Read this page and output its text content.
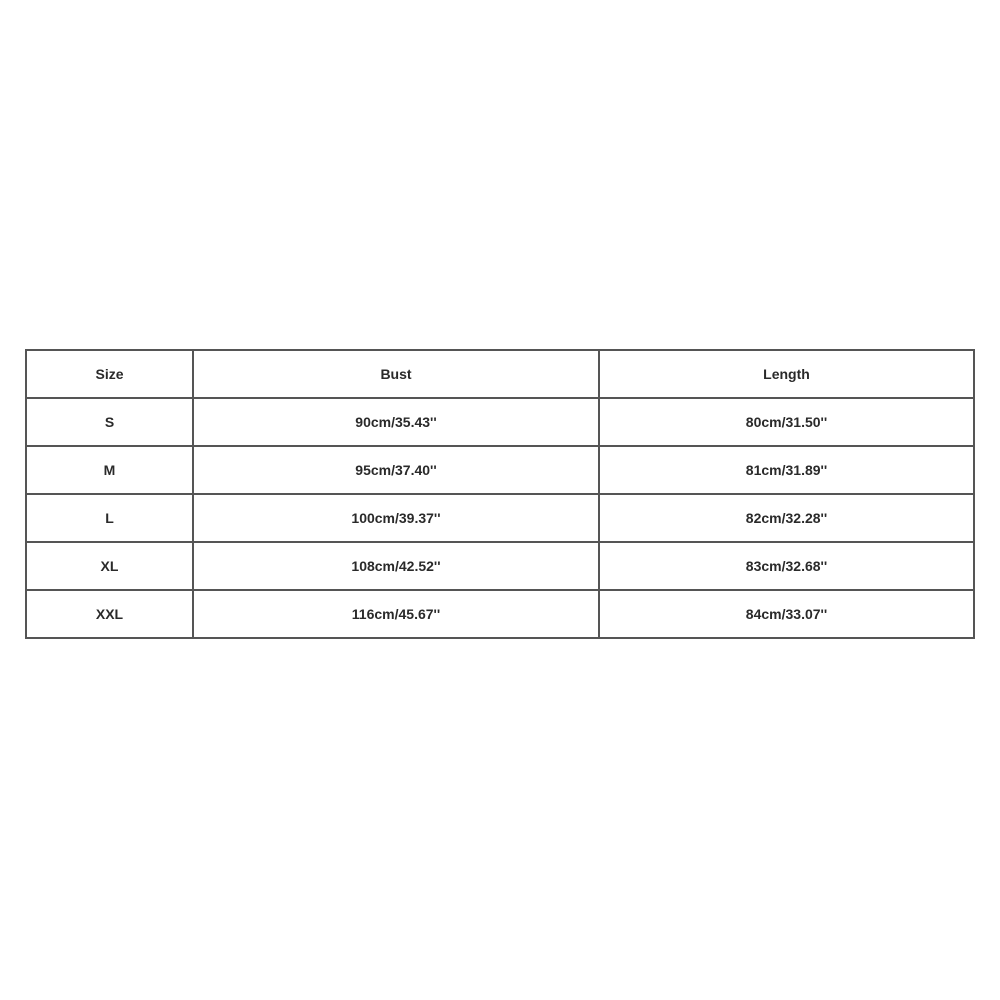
Size	Bust	Length
S	90cm/35.43''	80cm/31.50''
M	95cm/37.40''	81cm/31.89''
L	100cm/39.37''	82cm/32.28''
XL	108cm/42.52''	83cm/32.68''
XXL	116cm/45.67''	84cm/33.07''
